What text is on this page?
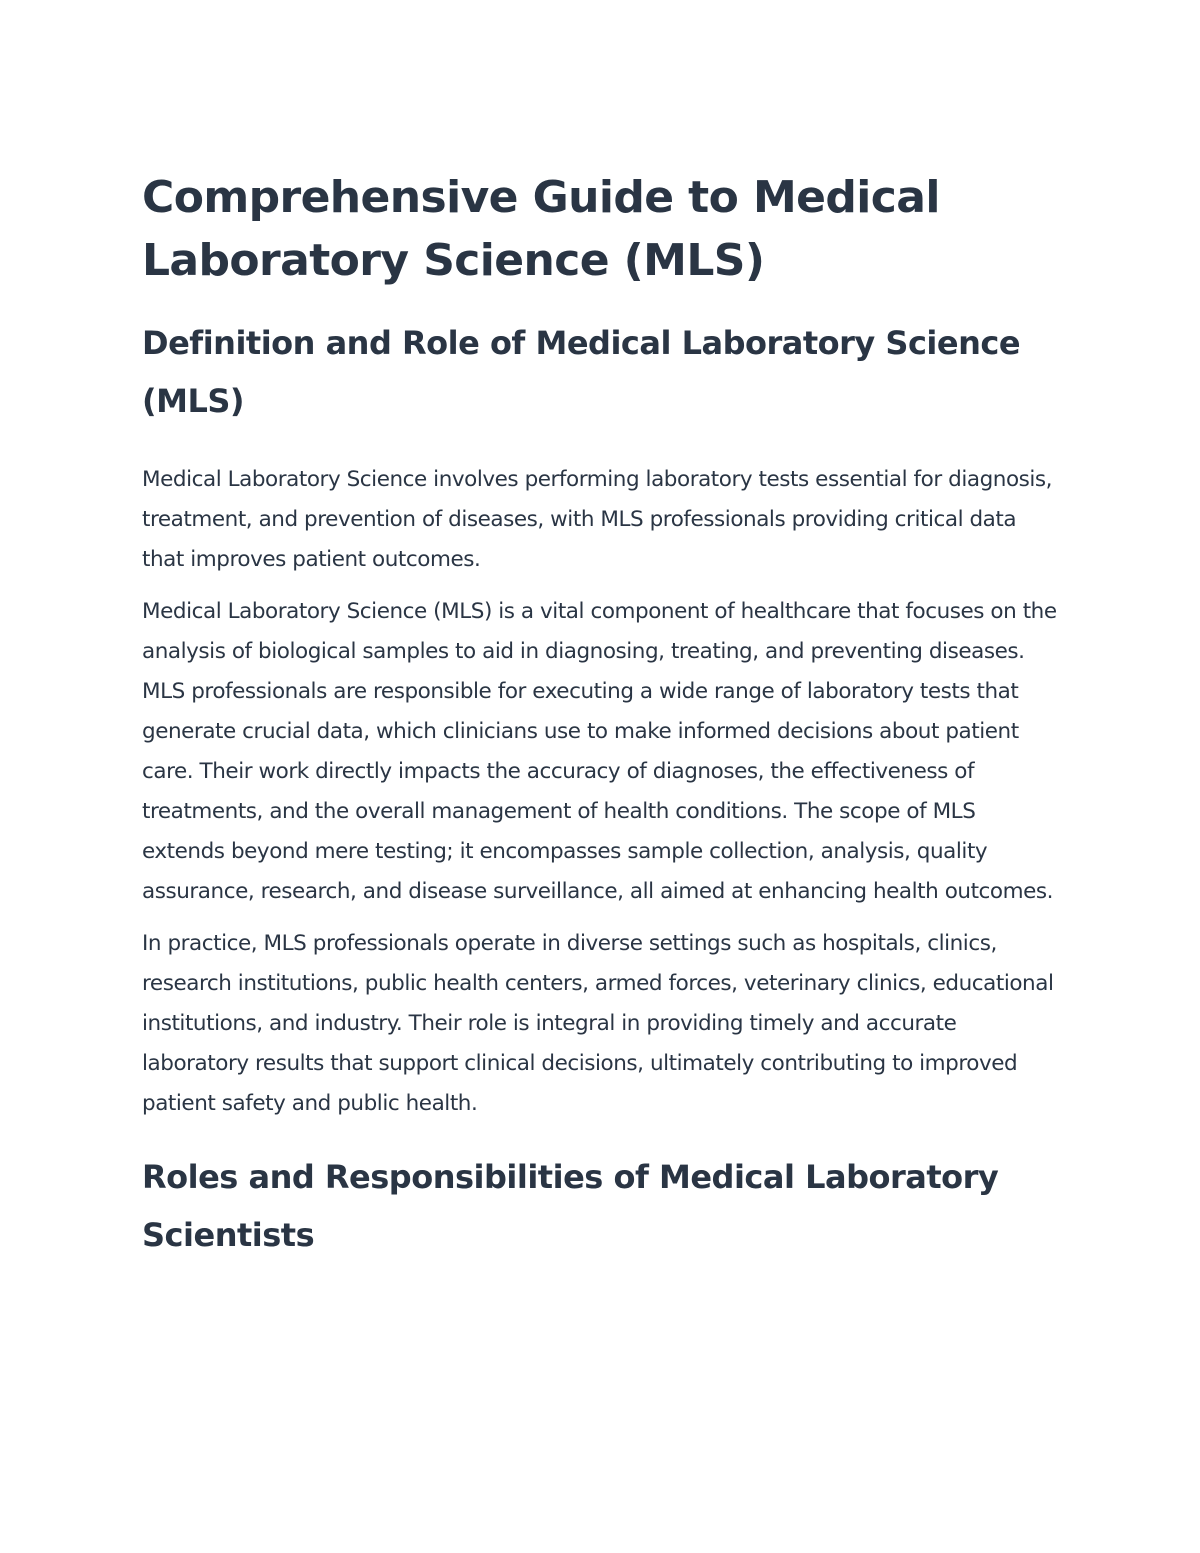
Comprehensive Guide to Medical Laboratory Science (MLS)
Definition and Role of Medical Laboratory Science (MLS)

Medical Laboratory Science involves performing laboratory tests essential for diagnosis, treatment, and prevention of diseases, with MLS professionals providing critical data that improves patient outcomes.

Medical Laboratory Science (MLS) is a vital component of healthcare that focuses on the analysis of biological samples to aid in diagnosing, treating, and preventing diseases. MLS professionals are responsible for executing a wide range of laboratory tests that generate crucial data, which clinicians use to make informed decisions about patient care. Their work directly impacts the accuracy of diagnoses, the effectiveness of treatments, and the overall management of health conditions. The scope of MLS extends beyond mere testing; it encompasses sample collection, analysis, quality assurance, research, and disease surveillance, all aimed at enhancing health outcomes.

In practice, MLS professionals operate in diverse settings such as hospitals, clinics, research institutions, public health centers, armed forces, veterinary clinics, educational institutions, and industry. Their role is integral in providing timely and accurate laboratory results that support clinical decisions, ultimately contributing to improved patient safety and public health.

Roles and Responsibilities of Medical Laboratory Scientists
